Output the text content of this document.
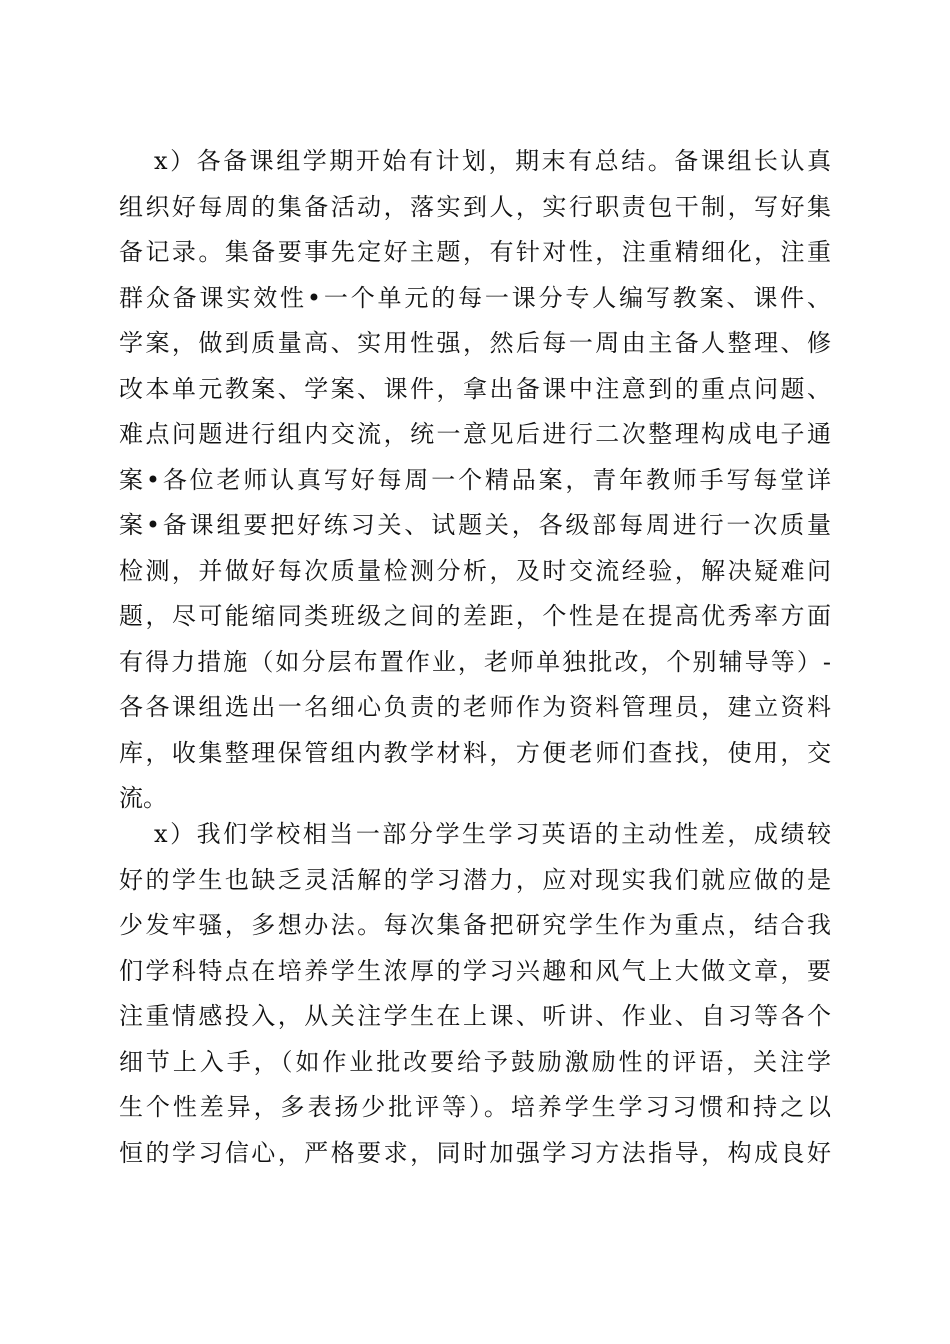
x）各备课组学期开始有计划，期末有总结。备课组长认真
组织好每周的集备活动，落实到人，实行职责包干制，写好集
备记录。集备要事先定好主题，有针对性，注重精细化，注重
群众备课实效性•一个单元的每一课分专人编写教案、课件、
学案，做到质量高、实用性强，然后每一周由主备人整理、修
改本单元教案、学案、课件，拿出备课中注意到的重点问题、
难点问题进行组内交流，统一意见后进行二次整理构成电子通
案•各位老师认真写好每周一个精品案，青年教师手写每堂详
案•备课组要把好练习关、试题关，各级部每周进行一次质量
检测，并做好每次质量检测分析，及时交流经验，解决疑难问
题，尽可能缩同类班级之间的差距，个性是在提高优秀率方面
有得力措施（如分层布置作业，老师单独批改，个别辅导等）-
各各课组选出一名细心负责的老师作为资料管理员，建立资料
库，收集整理保管组内教学材料，方便老师们查找，使用，交
流。
x）我们学校相当一部分学生学习英语的主动性差，成绩较
好的学生也缺乏灵活解的学习潜力，应对现实我们就应做的是
少发牢骚，多想办法。每次集备把研究学生作为重点，结合我
们学科特点在培养学生浓厚的学习兴趣和风气上大做文章，要
注重情感投入，从关注学生在上课、听讲、作业、自习等各个
细节上入手，（如作业批改要给予鼓励激励性的评语，关注学
生个性差异，多表扬少批评等）。培养学生学习习惯和持之以
恒的学习信心，严格要求，同时加强学习方法指导，构成良好
